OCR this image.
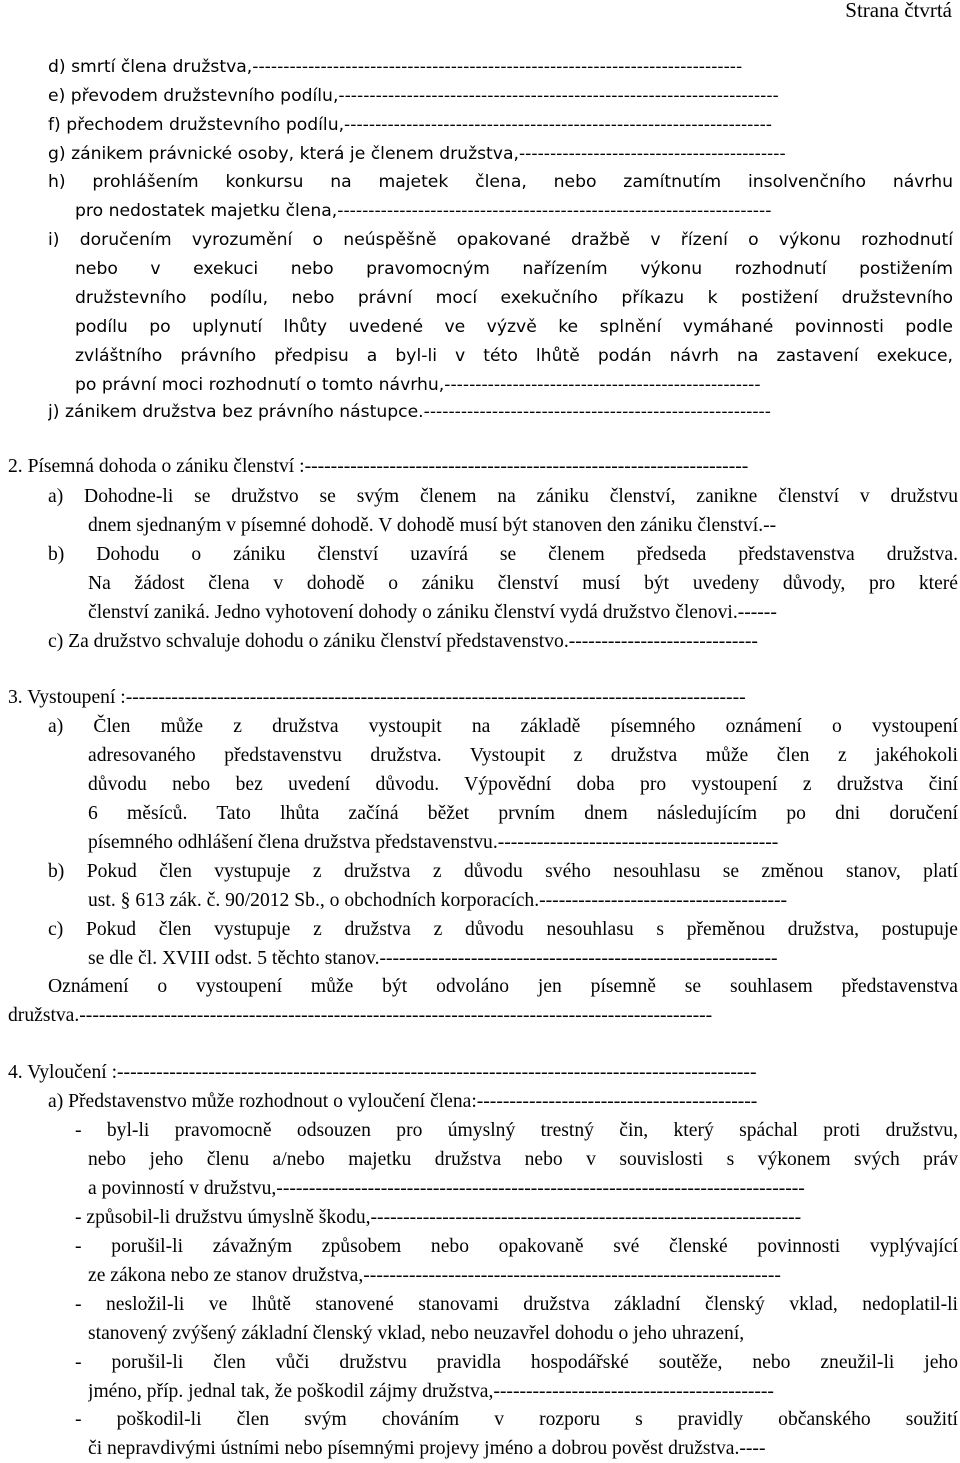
Strana čtvrtá
d) smrtí člena družstva,-------------------------------------------------------------------------------
e) převodem družstevního podílu,-----------------------------------------------------------------------
f) přechodem družstevního podílu,---------------------------------------------------------------------
g) zánikem právnické osoby, která je členem družstva,-------------------------------------------
h) prohlášením konkursu na majetek člena, nebo zamítnutím insolvenčního návrhu
pro nedostatek majetku člena,----------------------------------------------------------------------
i) doručením vyrozumění o neúspěšně opakované dražbě v řízení o výkonu rozhodnutí
nebo v exekuci nebo pravomocným nařízením výkonu rozhodnutí postižením
družstevního podílu, nebo právní mocí exekučního příkazu k postižení družstevního
podílu po uplynutí lhůty uvedené ve výzvě ke splnění vymáhané povinnosti podle
zvláštního právního předpisu a byl-li v této lhůtě podán návrh na zastavení exekuce,
po právní moci rozhodnutí o tomto návrhu,---------------------------------------------------
j) zánikem družstva bez právního nástupce.--------------------------------------------------------
2. Písemná dohoda o zániku členství :--------------------------------------------------------------------
a) Dohodne-li se družstvo se svým členem na zániku členství, zanikne členství v družstvu
dnem sjednaným v písemné dohodě. V dohodě musí být stanoven den zániku členství.--
b) Dohodu o zániku členství uzavírá se členem předseda představenstva družstva.
Na žádost člena v dohodě o zániku členství musí být uvedeny důvody, pro které
členství zaniká. Jedno vyhotovení dohody o zániku členství vydá družstvo členovi.------
c) Za družstvo schvaluje dohodu o zániku členství představenstvo.-----------------------------
3. Vystoupení :-----------------------------------------------------------------------------------------------
a) Člen může z družstva vystoupit na základě písemného oznámení o vystoupení
adresovaného představenstvu družstva. Vystoupit z družstva může člen z jakéhokoli
důvodu nebo bez uvedení důvodu. Výpovědní doba pro vystoupení z družstva činí
6 měsíců. Tato lhůta začíná běžet prvním dnem následujícím po dni doručení
písemného odhlášení člena družstva představenstvu.-------------------------------------------
b) Pokud člen vystupuje z družstva z důvodu svého nesouhlasu se změnou stanov, platí
ust. § 613 zák. č. 90/2012 Sb., o obchodních korporacích.--------------------------------------
c) Pokud člen vystupuje z družstva z důvodu nesouhlasu s přeměnou družstva, postupuje
se dle čl. XVIII odst. 5 těchto stanov.-------------------------------------------------------------
Oznámení o vystoupení může být odvoláno jen písemně se souhlasem představenstva
družstva.-------------------------------------------------------------------------------------------------
4. Vyloučení :--------------------------------------------------------------------------------------------------
a) Představenstvo může rozhodnout o vyloučení člena:-------------------------------------------
- byl-li pravomocně odsouzen pro úmyslný trestný čin, který spáchal proti družstvu,
nebo jeho členu a/nebo majetku družstva nebo v souvislosti s výkonem svých práv
a povinností v družstvu,---------------------------------------------------------------------------------
- způsobil-li družstvu úmyslně škodu,------------------------------------------------------------------
- porušil-li závažným způsobem nebo opakovaně své členské povinnosti vyplývající
ze zákona nebo ze stanov družstva,----------------------------------------------------------------
- nesložil-li ve lhůtě stanovené stanovami družstva základní členský vklad, nedoplatil-li
stanovený zvýšený základní členský vklad, nebo neuzavřel dohodu o jeho uhrazení,
- porušil-li člen vůči družstvu pravidla hospodářské soutěže, nebo zneužil-li jeho
jméno, příp. jednal tak, že poškodil zájmy družstva,-------------------------------------------
- poškodil-li člen svým chováním v rozporu s pravidly občanského soužití
či nepravdivými ústními nebo písemnými projevy jméno a dobrou pověst družstva.----
